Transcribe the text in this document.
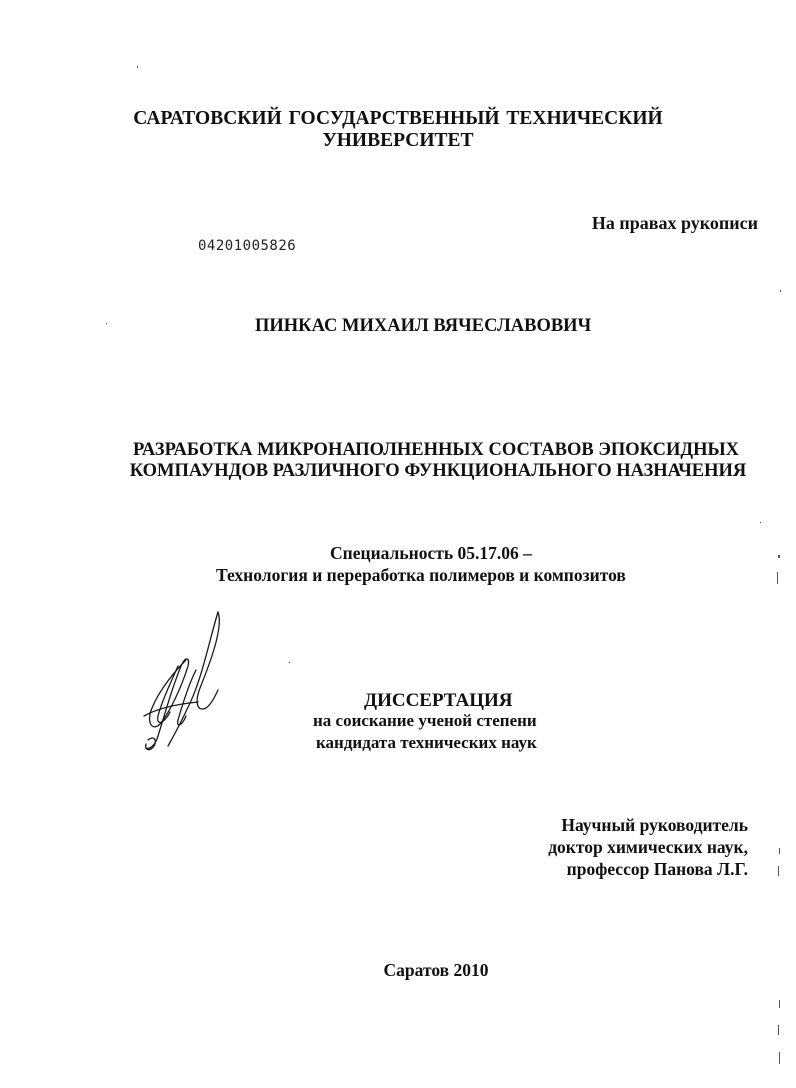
САРАТОВСКИЙ ГОСУДАРСТВЕННЫЙ ТЕХНИЧЕСКИЙ
УНИВЕРСИТЕТ
На правах рукописи
04201005826
ПИНКАС МИХАИЛ ВЯЧЕСЛАВОВИЧ
РАЗРАБОТКА МИКРОНАПОЛНЕННЫХ СОСТАВОВ ЭПОКСИДНЫХ
КОМПАУНДОВ РАЗЛИЧНОГО ФУНКЦИОНАЛЬНОГО НАЗНАЧЕНИЯ
Специальность 05.17.06 –
Технология и переработка полимеров и композитов
ДИССЕРТАЦИЯ
на соискание ученой степени
кандидата технических наук
Научный руководитель
доктор химических наук,
профессор Панова Л.Г.
Саратов 2010
